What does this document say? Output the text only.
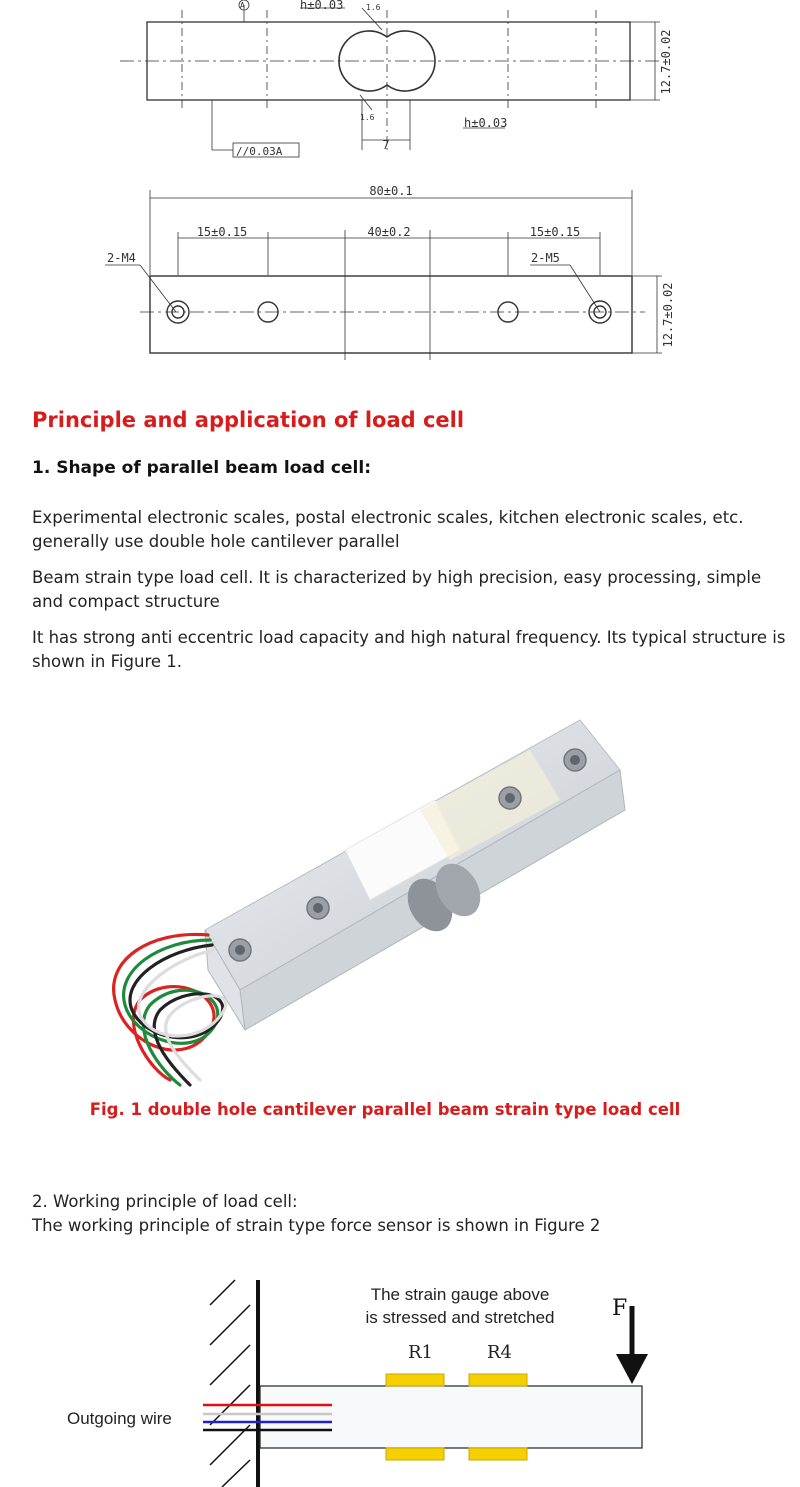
A	h±0.03	1.6
12.7±0.02
1.6	h±0.03
7
//0.03A
80±0.1
15±0.15	40±0.2	15±0.15
2-M4	2-M5
12.7±0.02
Principle and application of load cell
1. Shape of parallel beam load cell:

Experimental electronic scales, postal electronic scales, kitchen electronic scales, etc. generally use double hole cantilever parallel

Beam strain type load cell. It is characterized by high precision, easy processing, simple and compact structure

It has strong anti eccentric load capacity and high natural frequency. Its typical structure is shown in Figure 1.

Fig. 1 double hole cantilever parallel beam strain type load cell

2. Working principle of load cell:
The working principle of strain type force sensor is shown in Figure 2
The strain gauge above
is stressed and stretched	F
R1	R4
Outgoing wire
